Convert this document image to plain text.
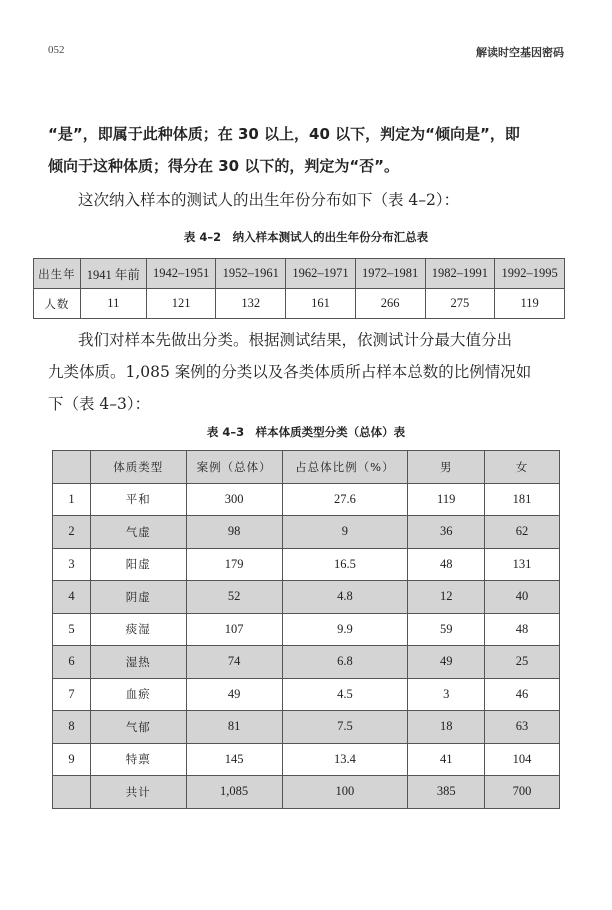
052	解读时空基因密码
“是”，即属于此种体质；在 30 以上，40 以下，判定为“倾向是”，即
倾向于这种体质；得分在 30 以下的，判定为“否”。
这次纳入样本的测试人的出生年份分布如下（表 4–2）：
表 4–2　纳入样本测试人的出生年份分布汇总表
出生年	1941 年前	1942–1951	1952–1961	1962–1971	1972–1981	1982–1991	1992–1995
人数	11	121	132	161	266	275	119
我们对样本先做出分类。根据测试结果，依测试计分最大值分出
九类体质。1,085 案例的分类以及各类体质所占样本总数的比例情况如
下（表 4–3）：
表 4–3　样本体质类型分类（总体）表
	体质类型	案例（总体）	占总体比例（%）	男	女
1	平和	300	27.6	119	181
2	气虚	98	9	36	62
3	阳虚	179	16.5	48	131
4	阴虚	52	4.8	12	40
5	痰湿	107	9.9	59	48
6	湿热	74	6.8	49	25
7	血瘀	49	4.5	3	46
8	气郁	81	7.5	18	63
9	特禀	145	13.4	41	104
	共计	1,085	100	385	700
